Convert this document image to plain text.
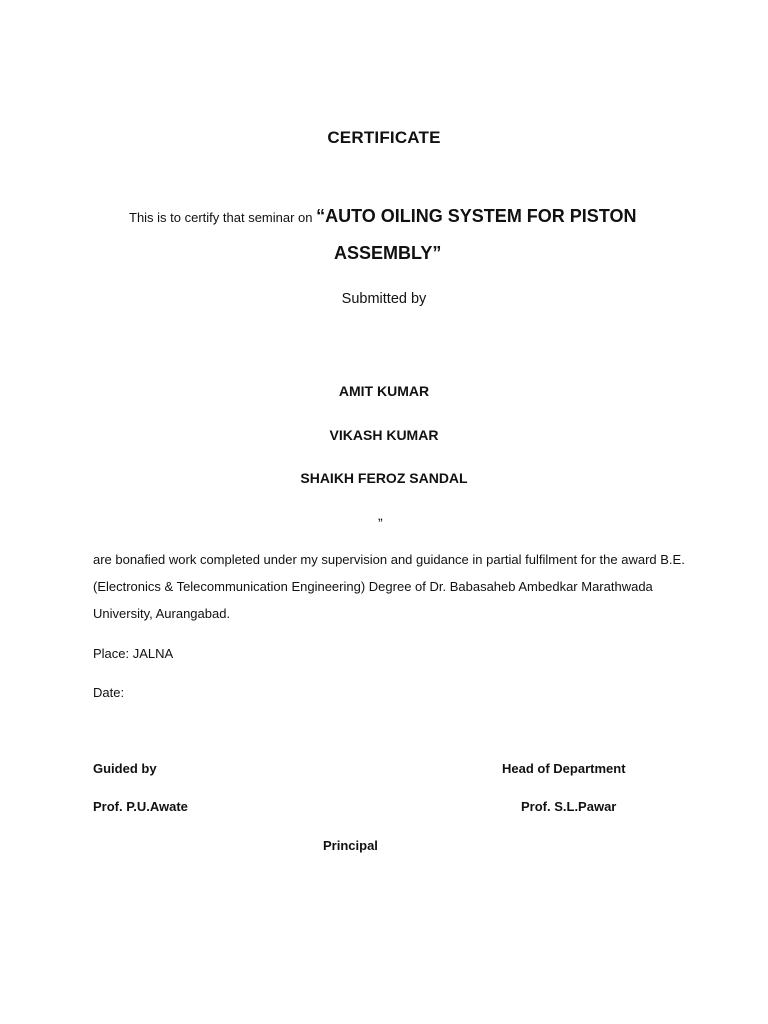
CERTIFICATE
This is to certify that seminar on “AUTO OILING SYSTEM FOR PISTON
ASSEMBLY”
Submitted by
AMIT KUMAR
VIKASH KUMAR
SHAIKH FEROZ SANDAL
„
are bonafied work completed under my supervision and guidance in partial fulfilment for the award B.E.(Electronics & Telecommunication Engineering) Degree of Dr. Babasaheb Ambedkar Marathwada University, Aurangabad.
Place: JALNA
Date:
Guided by	Head of Department
Prof. P.U.Awate	Prof. S.L.Pawar
Principal
